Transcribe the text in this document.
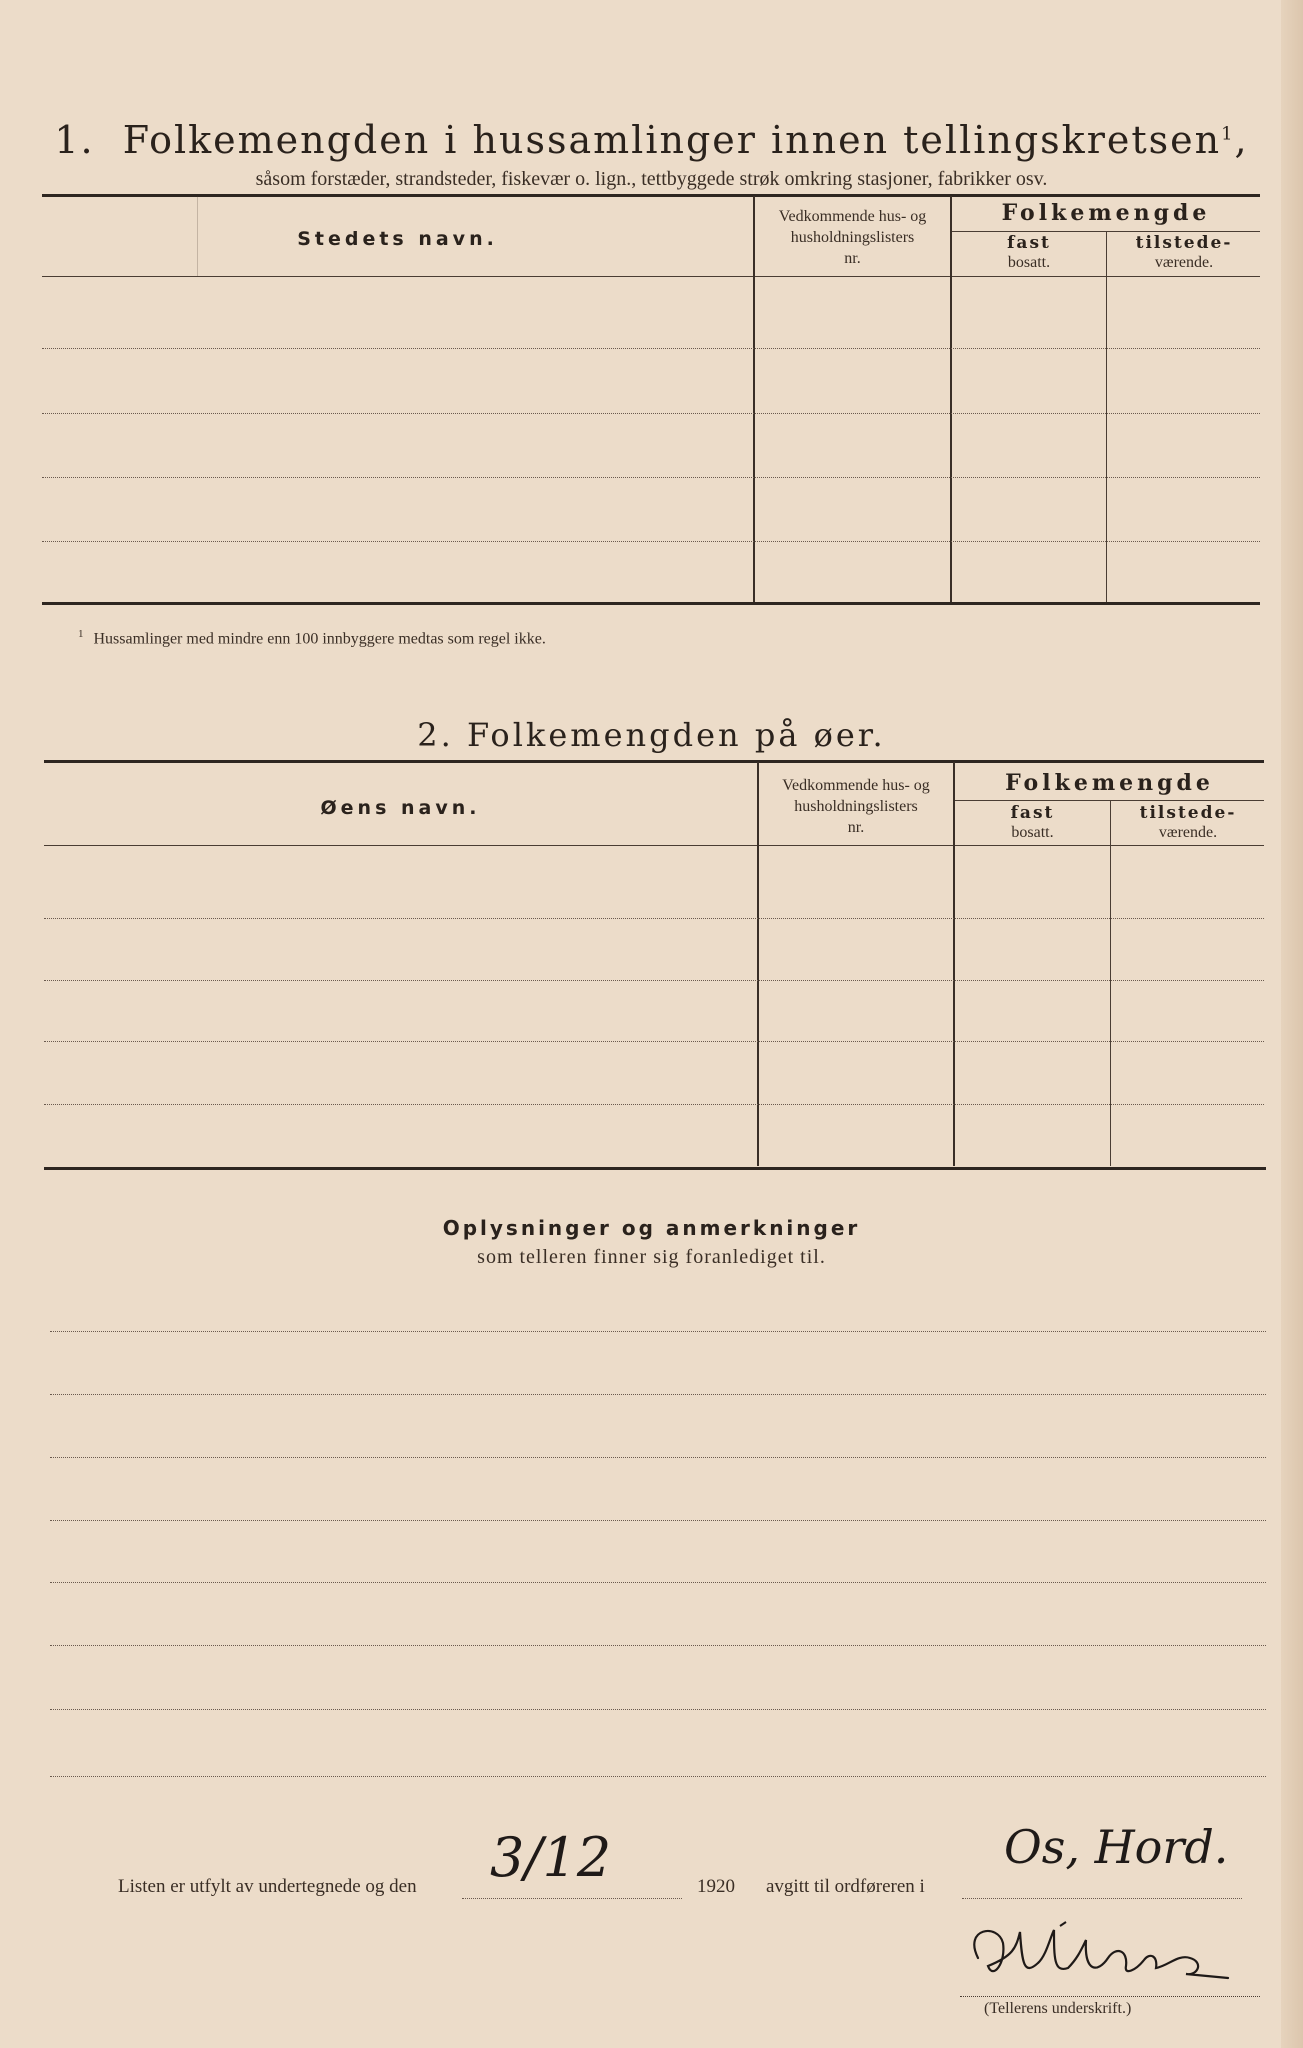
1. Folkemengden i hussamlinger innen tellingskretsen$^1$,
såsom forstæder, strandsteder, fiskevær o. lign., tettbyggede strøk omkring stasjoner, fabrikker osv.
Stedets navn.
Vedkommende hus- og
husholdningslisters
nr.
Folkemengde
fast
bosatt.
tilstede-
værende.
$^1$ Hussamlinger med mindre enn 100 innbyggere medtas som regel ikke.
2. Folkemengden på øer.
Øens navn.
Vedkommende hus- og
husholdningslisters
nr.
Folkemengde
fast
bosatt.
tilstede-
værende.
Oplysninger og anmerkninger
som telleren finner sig foranlediget til.
Listen er utfylt av undertegnede og den 3/12	1920 avgitt til ordføreren i
Os, Hord.
(Tellerens underskrift.)
